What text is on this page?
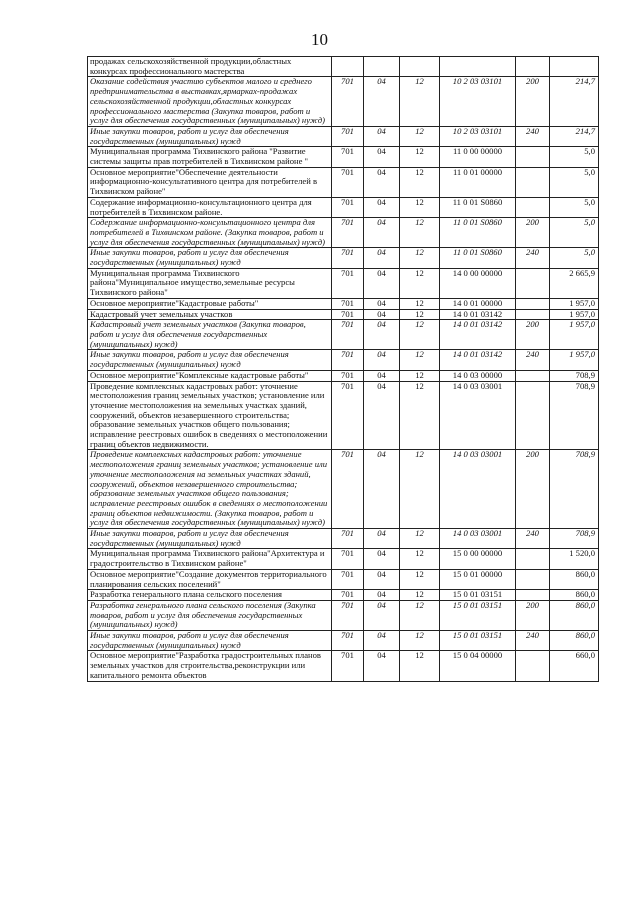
10
продажах сельскохозяйственной продукции,областных конкурсах профессионального мастерства						
Оказание содействия участию субъектов малого и среднего предпринимательства в выставках,ярмарках-продажах сельскохозяйственной продукции,областных конкурсах профессионального мастерства (Закупка товаров, работ и услуг для обеспечения государственных (муниципальных) нужд)	701	04	12	10 2 03 03101	200	214,7
Иные закупки товаров, работ и услуг для обеспечения государственных (муниципальных) нужд	701	04	12	10 2 03 03101	240	214,7
Муниципальная программа Тихвинского района "Развитие системы защиты прав потребителей в Тихвинском районе "	701	04	12	11 0 00 00000		5,0
Основное мероприятие"Обеспечение деятельности информационно-консультативного центра для потребителей в Тихвинском районе"	701	04	12	11 0 01 00000		5,0
Содержание информационно-консультационного центра для потребителей в Тихвинском районе.	701	04	12	11 0 01 S0860		5,0
Содержание информационно-консультационного центра для потребителей в Тихвинском районе. (Закупка товаров, работ и услуг для обеспечения государственных (муниципальных) нужд)	701	04	12	11 0 01 S0860	200	5,0
Иные закупки товаров, работ и услуг для обеспечения государственных (муниципальных) нужд	701	04	12	11 0 01 S0860	240	5,0
Муниципальная программа Тихвинского района"Муниципальное имущество,земельные ресурсы Тихвинского района"	701	04	12	14 0 00 00000		2 665,9
Основное мероприятие"Кадастровые работы"	701	04	12	14 0 01 00000		1 957,0
Кадастровый учет земельных участков	701	04	12	14 0 01 03142		1 957,0
Кадастровый учет земельных участков (Закупка товаров, работ и услуг для обеспечения государственных (муниципальных) нужд)	701	04	12	14 0 01 03142	200	1 957,0
Иные закупки товаров, работ и услуг для обеспечения государственных (муниципальных) нужд	701	04	12	14 0 01 03142	240	1 957,0
Основное мероприятие"Комплексные кадастровые работы"	701	04	12	14 0 03 00000		708,9
Проведение комплексных кадастровых работ: уточнение местоположения границ земельных участков; установление или уточнение местоположения на земельных участках зданий, сооружений, объектов незавершенного строительства; образование земельных участков общего пользования; исправление реестровых ошибок в сведениях о местоположении границ объектов недвижимости.	701	04	12	14 0 03 03001		708,9
Проведение комплексных кадастровых работ: уточнение местоположения границ земельных участков; установление или уточнение местоположения на земельных участках зданий, сооружений, объектов незавершенного строительства; образование земельных участков общего пользования; исправление реестровых ошибок в сведениях о местоположении границ объектов недвижимости. (Закупка товаров, работ и услуг для обеспечения государственных (муниципальных) нужд)	701	04	12	14 0 03 03001	200	708,9
Иные закупки товаров, работ и услуг для обеспечения государственных (муниципальных) нужд	701	04	12	14 0 03 03001	240	708,9
Муниципальная программа Тихвинского района"Архитектура и градостроительство в Тихвинском районе"	701	04	12	15 0 00 00000		1 520,0
Основное мероприятие"Создание документов территориального планирования сельских поселений"	701	04	12	15 0 01 00000		860,0
Разработка генерального плана сельского поселения	701	04	12	15 0 01 03151		860,0
Разработка генерального плана сельского поселения (Закупка товаров, работ и услуг для обеспечения государственных (муниципальных) нужд)	701	04	12	15 0 01 03151	200	860,0
Иные закупки товаров, работ и услуг для обеспечения государственных (муниципальных) нужд	701	04	12	15 0 01 03151	240	860,0
Основное мероприятие"Разработка градостроительных планов земельных участков для строительства,реконструкции или капитального ремонта объектов	701	04	12	15 0 04 00000		660,0
